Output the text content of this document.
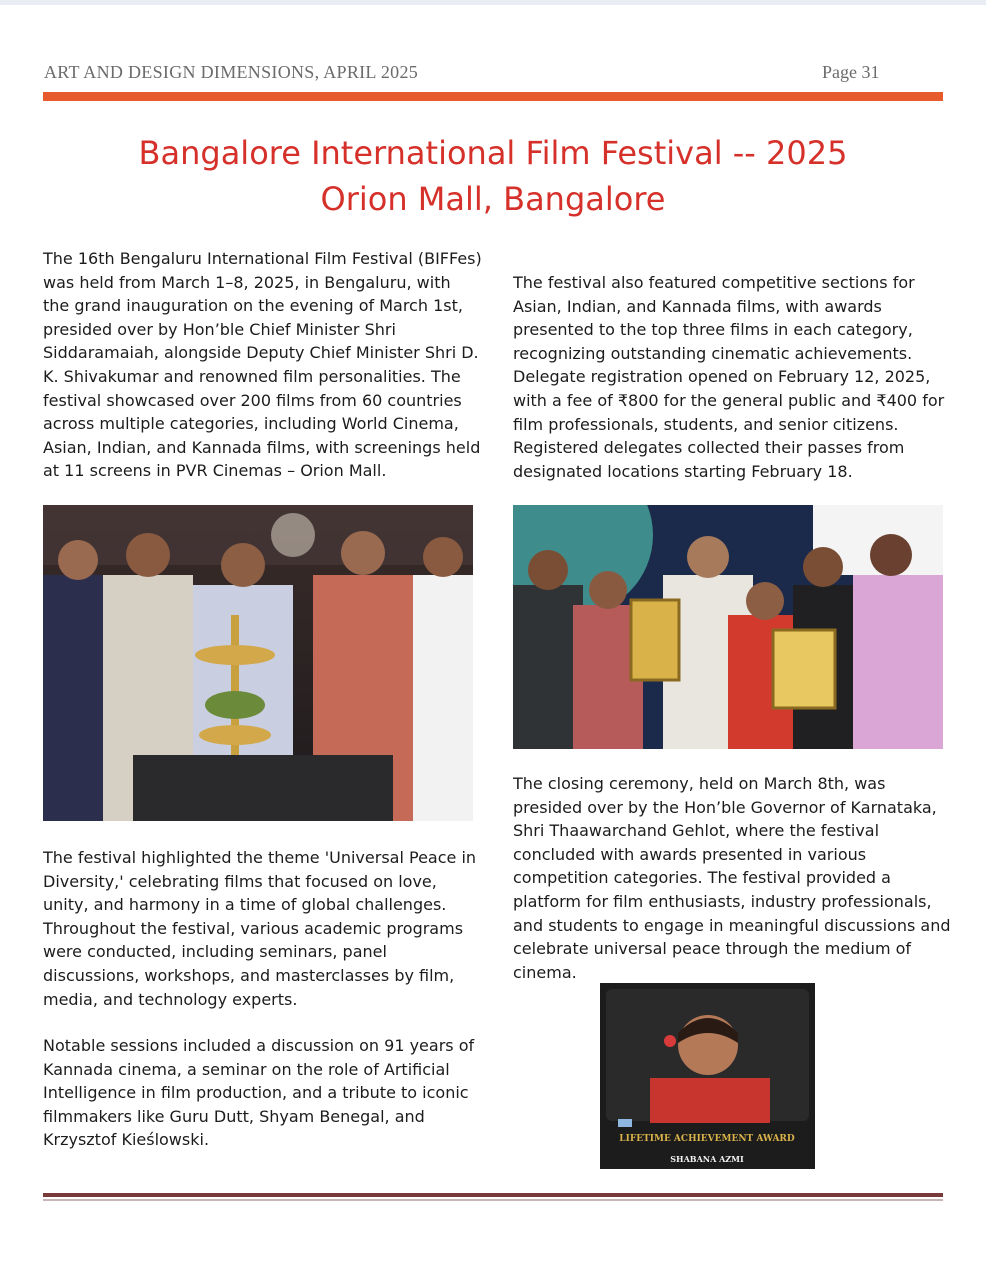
ART AND DESIGN DIMENSIONS, APRIL 2025	Page 31
Bangalore International Film Festival -- 2025
Orion Mall, Bangalore
The 16th Bengaluru International Film Festival (BIFFes)
was held from March 1–8, 2025, in Bengaluru, with
the grand inauguration on the evening of March 1st,
presided over by Hon’ble Chief Minister Shri
Siddaramaiah, alongside Deputy Chief Minister Shri D.
K. Shivakumar and renowned film personalities. The
festival showcased over 200 films from 60 countries
across multiple categories, including World Cinema,
Asian, Indian, and Kannada films, with screenings held
at 11 screens in PVR Cinemas – Orion Mall.
The festival highlighted the theme 'Universal Peace in
Diversity,' celebrating films that focused on love,
unity, and harmony in a time of global challenges.
Throughout the festival, various academic programs
were conducted, including seminars, panel
discussions, workshops, and masterclasses by film,
media, and technology experts.
Notable sessions included a discussion on 91 years of
Kannada cinema, a seminar on the role of Artificial
Intelligence in film production, and a tribute to iconic
filmmakers like Guru Dutt, Shyam Benegal, and
Krzysztof Kieślowski.
The festival also featured competitive sections for
Asian, Indian, and Kannada films, with awards
presented to the top three films in each category,
recognizing outstanding cinematic achievements.
Delegate registration opened on February 12, 2025,
with a fee of ₹800 for the general public and ₹400 for
film professionals, students, and senior citizens.
Registered delegates collected their passes from
designated locations starting February 18.
The closing ceremony, held on March 8th, was
presided over by the Hon’ble Governor of Karnataka,
Shri Thaawarchand Gehlot, where the festival
concluded with awards presented in various
competition categories. The festival provided a
platform for film enthusiasts, industry professionals,
and students to engage in meaningful discussions and
celebrate universal peace through the medium of
cinema.
LIFETIME ACHIEVEMENT AWARD
SHABANA AZMI
